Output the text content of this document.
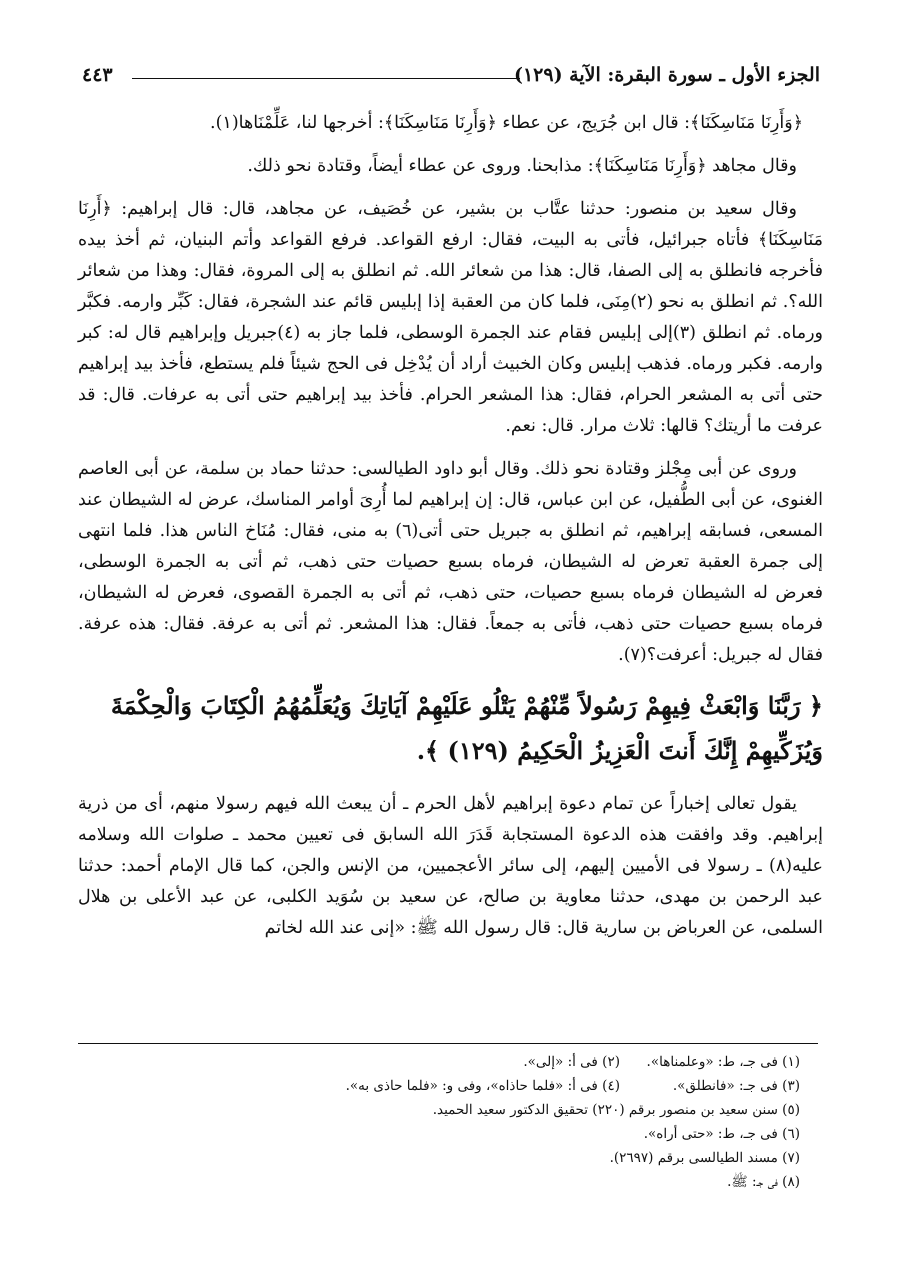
الجزء الأول ـ سورة البقرة: الآية (١٢٩)
٤٤٣

﴿وَأَرِنَا مَنَاسِكَنَا﴾: قال ابن جُرَيج، عن عطاء ﴿وَأَرِنَا مَنَاسِكَنَا﴾: أخرجها لنا، عَلِّمْنَاها(١).

وقال مجاهد ﴿وَأَرِنَا مَنَاسِكَنَا﴾: مذابحنا. وروى عن عطاء أيضاً، وقتادة نحو ذلك.

وقال سعيد بن منصور: حدثنا عتَّاب بن بشير، عن خُصَيف، عن مجاهد، قال: قال إبراهيم: ﴿أَرِنَا مَنَاسِكَنَا﴾ فأتاه جبرائيل، فأتى به البيت، فقال: ارفع القواعد. فرفع القواعد وأتم البنيان، ثم أخذ بيده فأخرجه فانطلق به إلى الصفا، قال: هذا من شعائر الله. ثم انطلق به إلى المروة، فقال: وهذا من شعائر الله؟. ثم انطلق به نحو (٢)مِنَى، فلما كان من العقبة إذا إبليس قائم عند الشجرة، فقال: كَبِّر وارمه. فكبَّر ورماه. ثم انطلق (٣)إلى إبليس فقام عند الجمرة الوسطى، فلما جاز به (٤)جبريل وإبراهيم قال له: كبر وارمه. فكبر ورماه. فذهب إبليس وكان الخبيث أراد أن يُدْخِل فى الحج شيئاً فلم يستطع، فأخذ بيد إبراهيم حتى أتى به المشعر الحرام، فقال: هذا المشعر الحرام. فأخذ بيد إبراهيم حتى أتى به عرفات. قال: قد عرفت ما أريتك؟ قالها: ثلاث مرار. قال: نعم.

وروى عن أبى مِجْلز وقتادة نحو ذلك. وقال أبو داود الطيالسى: حدثنا حماد بن سلمة، عن أبى العاصم الغنوى، عن أبى الطُّفيل، عن ابن عباس، قال: إن إبراهيم لما أُرِىَ أوامر المناسك، عرض له الشيطان عند المسعى، فسابقه إبراهيم، ثم انطلق به جبريل حتى أتى(٦) به منى، فقال: مُنَاخ الناس هذا. فلما انتهى إلى جمرة العقبة تعرض له الشيطان، فرماه بسبع حصيات حتى ذهب، ثم أتى به الجمرة الوسطى، فعرض له الشيطان فرماه بسبع حصيات، حتى ذهب، ثم أتى به الجمرة القصوى، فعرض له الشيطان، فرماه بسبع حصيات حتى ذهب، فأتى به جمعاً. فقال: هذا المشعر. ثم أتى به عرفة. فقال: هذه عرفة. فقال له جبريل: أعرفت؟(٧).

﴿ رَبَّنَا وَابْعَثْ فِيهِمْ رَسُولاً مِّنْهُمْ يَتْلُو عَلَيْهِمْ آيَاتِكَ وَيُعَلِّمُهُمُ الْكِتَابَ وَالْحِكْمَةَ وَيُزَكِّيهِمْ إِنَّكَ أَنتَ الْعَزِيزُ الْحَكِيمُ (١٢٩) ﴾.

يقول تعالى إخباراً عن تمام دعوة إبراهيم لأهل الحرم ـ أن يبعث الله فيهم رسولا منهم، أى من ذرية إبراهيم. وقد وافقت هذه الدعوة المستجابة قَدَرَ الله السابق فى تعيين محمد ـ صلوات الله وسلامه عليه(٨) ـ رسولا فى الأميين إليهم، إلى سائر الأعجميين، من الإنس والجن، كما قال الإمام أحمد: حدثنا عبد الرحمن بن مهدى، حدثنا معاوية بن صالح، عن سعيد بن سُوَيد الكلبى، عن عبد الأعلى بن هلال السلمى، عن العرباض بن سارية قال: قال رسول الله ﷺ: «إنى عند الله لخاتم

(١) فى جـ، ط: «وعلمناها».
(٢) فى أ: «إلى».
(٣) فى جـ: «فانطلق».
(٤) فى أ: «فلما حاذاه»، وفى و: «فلما حاذى به».
(٥) سنن سعيد بن منصور برقم (٢٢٠) تحقيق الدكتور سعيد الحميد.
(٦) فى جـ، ط: «حتى أراه».
(٧) مسند الطيالسى برقم (٢٦٩٧).
(٨) فى جـ: ﷺ.
